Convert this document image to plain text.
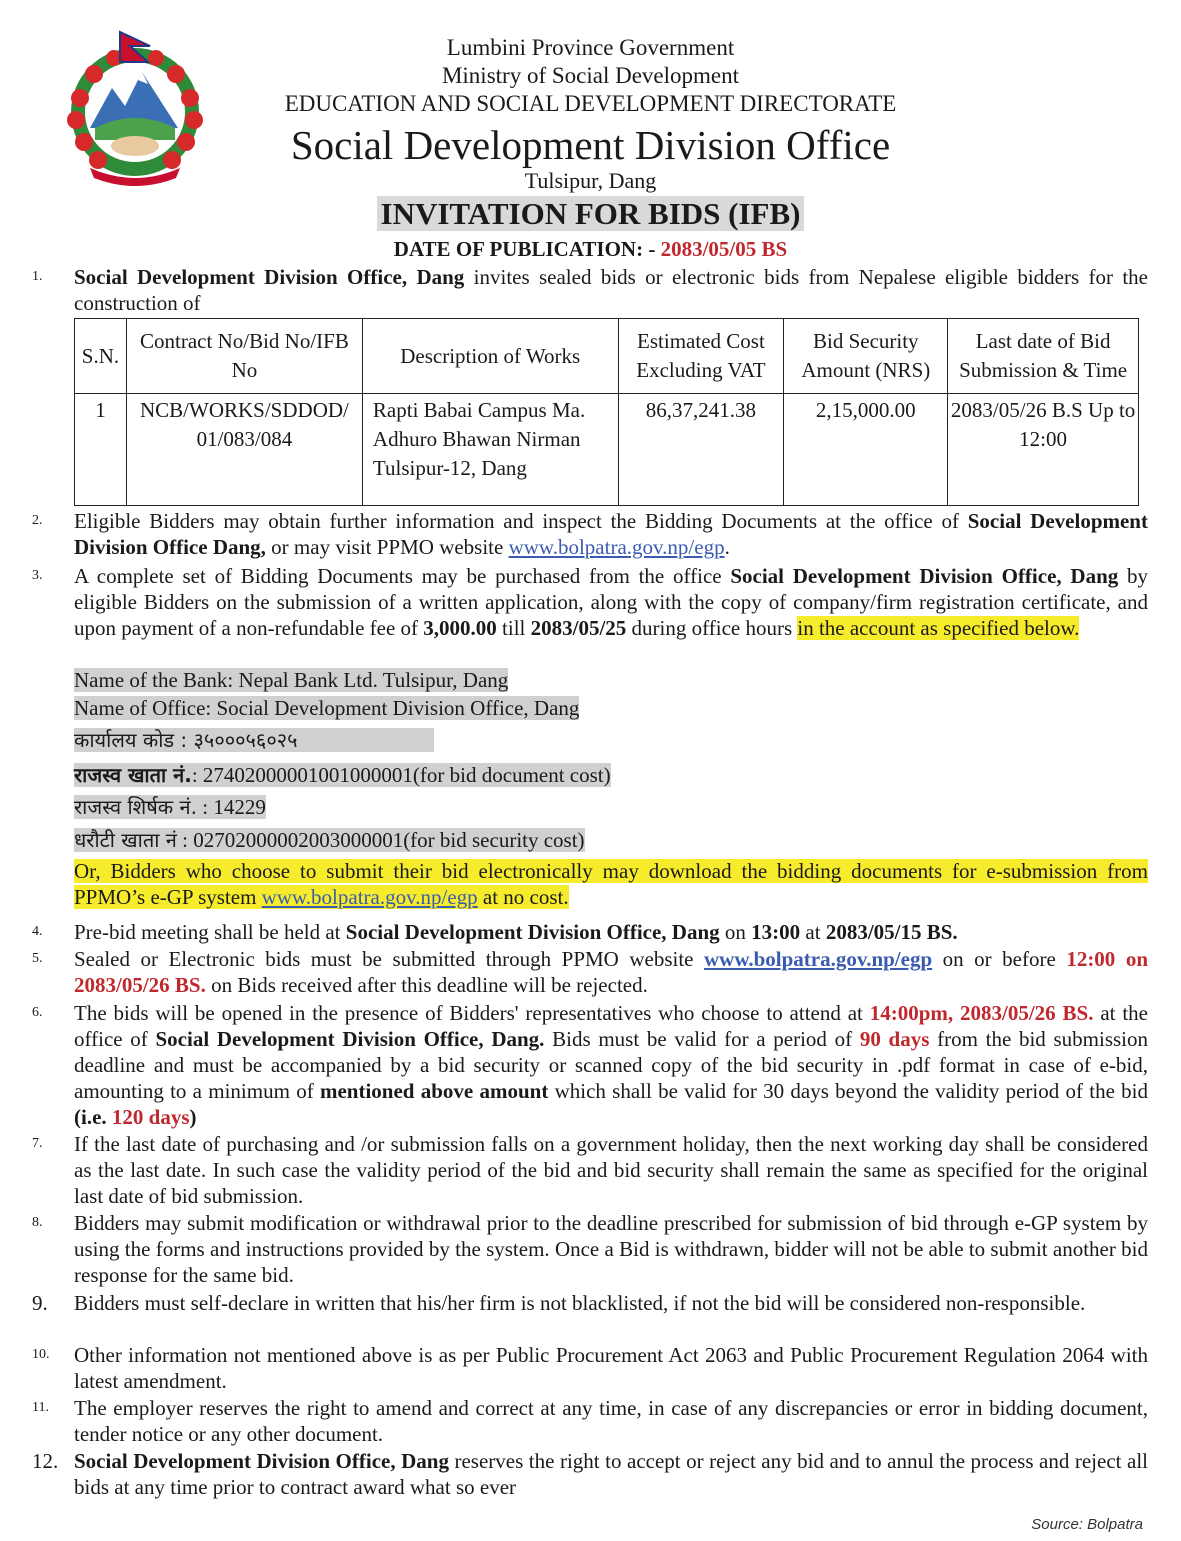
Lumbini Province Government
Ministry of Social Development
EDUCATION AND SOCIAL DEVELOPMENT DIRECTORATE
Social Development Division Office
Tulsipur, Dang
INVITATION FOR BIDS (IFB)
DATE OF PUBLICATION: - 2083/05/05 BS
1. Social Development Division Office, Dang invites sealed bids or electronic bids from Nepalese eligible bidders for the construction of
S.N.	Contract No/Bid No/IFB No	Description of Works	Estimated Cost Excluding VAT	Bid Security Amount (NRS)	Last date of Bid Submission & Time
1	NCB/WORKS/SDDOD/ 01/083/084	Rapti Babai Campus Ma. Adhuro Bhawan Nirman Tulsipur-12, Dang	86,37,241.38	2,15,000.00	2083/05/26 B.S Up to 12:00
2. Eligible Bidders may obtain further information and inspect the Bidding Documents at the office of Social Development Division Office Dang, or may visit PPMO website www.bolpatra.gov.np/egp.
3. A complete set of Bidding Documents may be purchased from the office Social Development Division Office, Dang by eligible Bidders on the submission of a written application, along with the copy of company/firm registration certificate, and upon payment of a non-refundable fee of 3,000.00 till 2083/05/25 during office hours in the account as specified below.
Name of the Bank: Nepal Bank Ltd. Tulsipur, Dang
Name of Office: Social Development Division Office, Dang
कार्यालय कोड : ३५०००५६०२५
राजस्व खाता नं.: 27402000001001000001(for bid document cost)
राजस्व शिर्षक नं. : 14229
धरौटी खाता नं : 02702000002003000001(for bid security cost)
Or, Bidders who choose to submit their bid electronically may download the bidding documents for e-submission from PPMO’s e-GP system www.bolpatra.gov.np/egp at no cost.
4. Pre-bid meeting shall be held at Social Development Division Office, Dang on 13:00 at 2083/05/15 BS.
5. Sealed or Electronic bids must be submitted through PPMO website www.bolpatra.gov.np/egp on or before 12:00 on 2083/05/26 BS. on Bids received after this deadline will be rejected.
6. The bids will be opened in the presence of Bidders' representatives who choose to attend at 14:00pm, 2083/05/26 BS. at the office of Social Development Division Office, Dang. Bids must be valid for a period of 90 days from the bid submission deadline and must be accompanied by a bid security or scanned copy of the bid security in .pdf format in case of e-bid, amounting to a minimum of mentioned above amount which shall be valid for 30 days beyond the validity period of the bid (i.e. 120 days)
7. If the last date of purchasing and /or submission falls on a government holiday, then the next working day shall be considered as the last date. In such case the validity period of the bid and bid security shall remain the same as specified for the original last date of bid submission.
8. Bidders may submit modification or withdrawal prior to the deadline prescribed for submission of bid through e-GP system by using the forms and instructions provided by the system. Once a Bid is withdrawn, bidder will not be able to submit another bid response for the same bid.
9. Bidders must self-declare in written that his/her firm is not blacklisted, if not the bid will be considered non-responsible.
10. Other information not mentioned above is as per Public Procurement Act 2063 and Public Procurement Regulation 2064 with latest amendment.
11. The employer reserves the right to amend and correct at any time, in case of any discrepancies or error in bidding document, tender notice or any other document.
12. Social Development Division Office, Dang reserves the right to accept or reject any bid and to annul the process and reject all bids at any time prior to contract award what so ever
Source: Bolpatra
